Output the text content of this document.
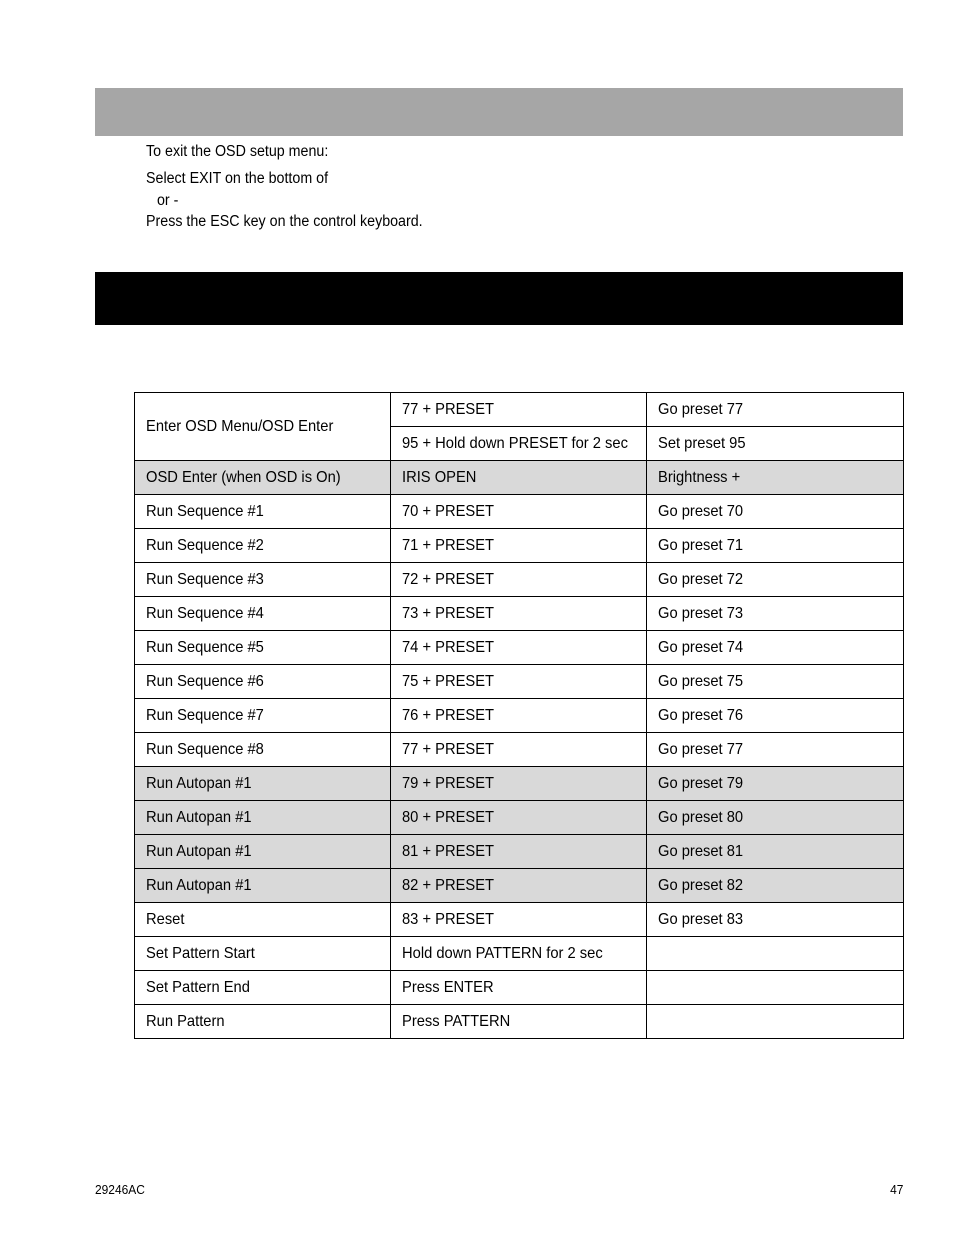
To exit the OSD setup menu:
Select EXIT on the bottom of
or -
Press the ESC key on the control keyboard.
Enter OSD Menu/OSD Enter	77 + PRESET	Go preset 77
	95 + Hold down PRESET for 2 sec	Set preset 95
OSD Enter (when OSD is On)	IRIS OPEN	Brightness +
Run Sequence #1	70 + PRESET	Go preset 70
Run Sequence #2	71 + PRESET	Go preset 71
Run Sequence #3	72 + PRESET	Go preset 72
Run Sequence #4	73 + PRESET	Go preset 73
Run Sequence #5	74 + PRESET	Go preset 74
Run Sequence #6	75 + PRESET	Go preset 75
Run Sequence #7	76 + PRESET	Go preset 76
Run Sequence #8	77 + PRESET	Go preset 77
Run Autopan #1	79 + PRESET	Go preset 79
Run Autopan #1	80 + PRESET	Go preset 80
Run Autopan #1	81 + PRESET	Go preset 81
Run Autopan #1	82 + PRESET	Go preset 82
Reset	83 + PRESET	Go preset 83
Set Pattern Start	Hold down PATTERN for 2 sec	
Set Pattern End	Press ENTER	
Run Pattern	Press PATTERN	
29246AC	47
